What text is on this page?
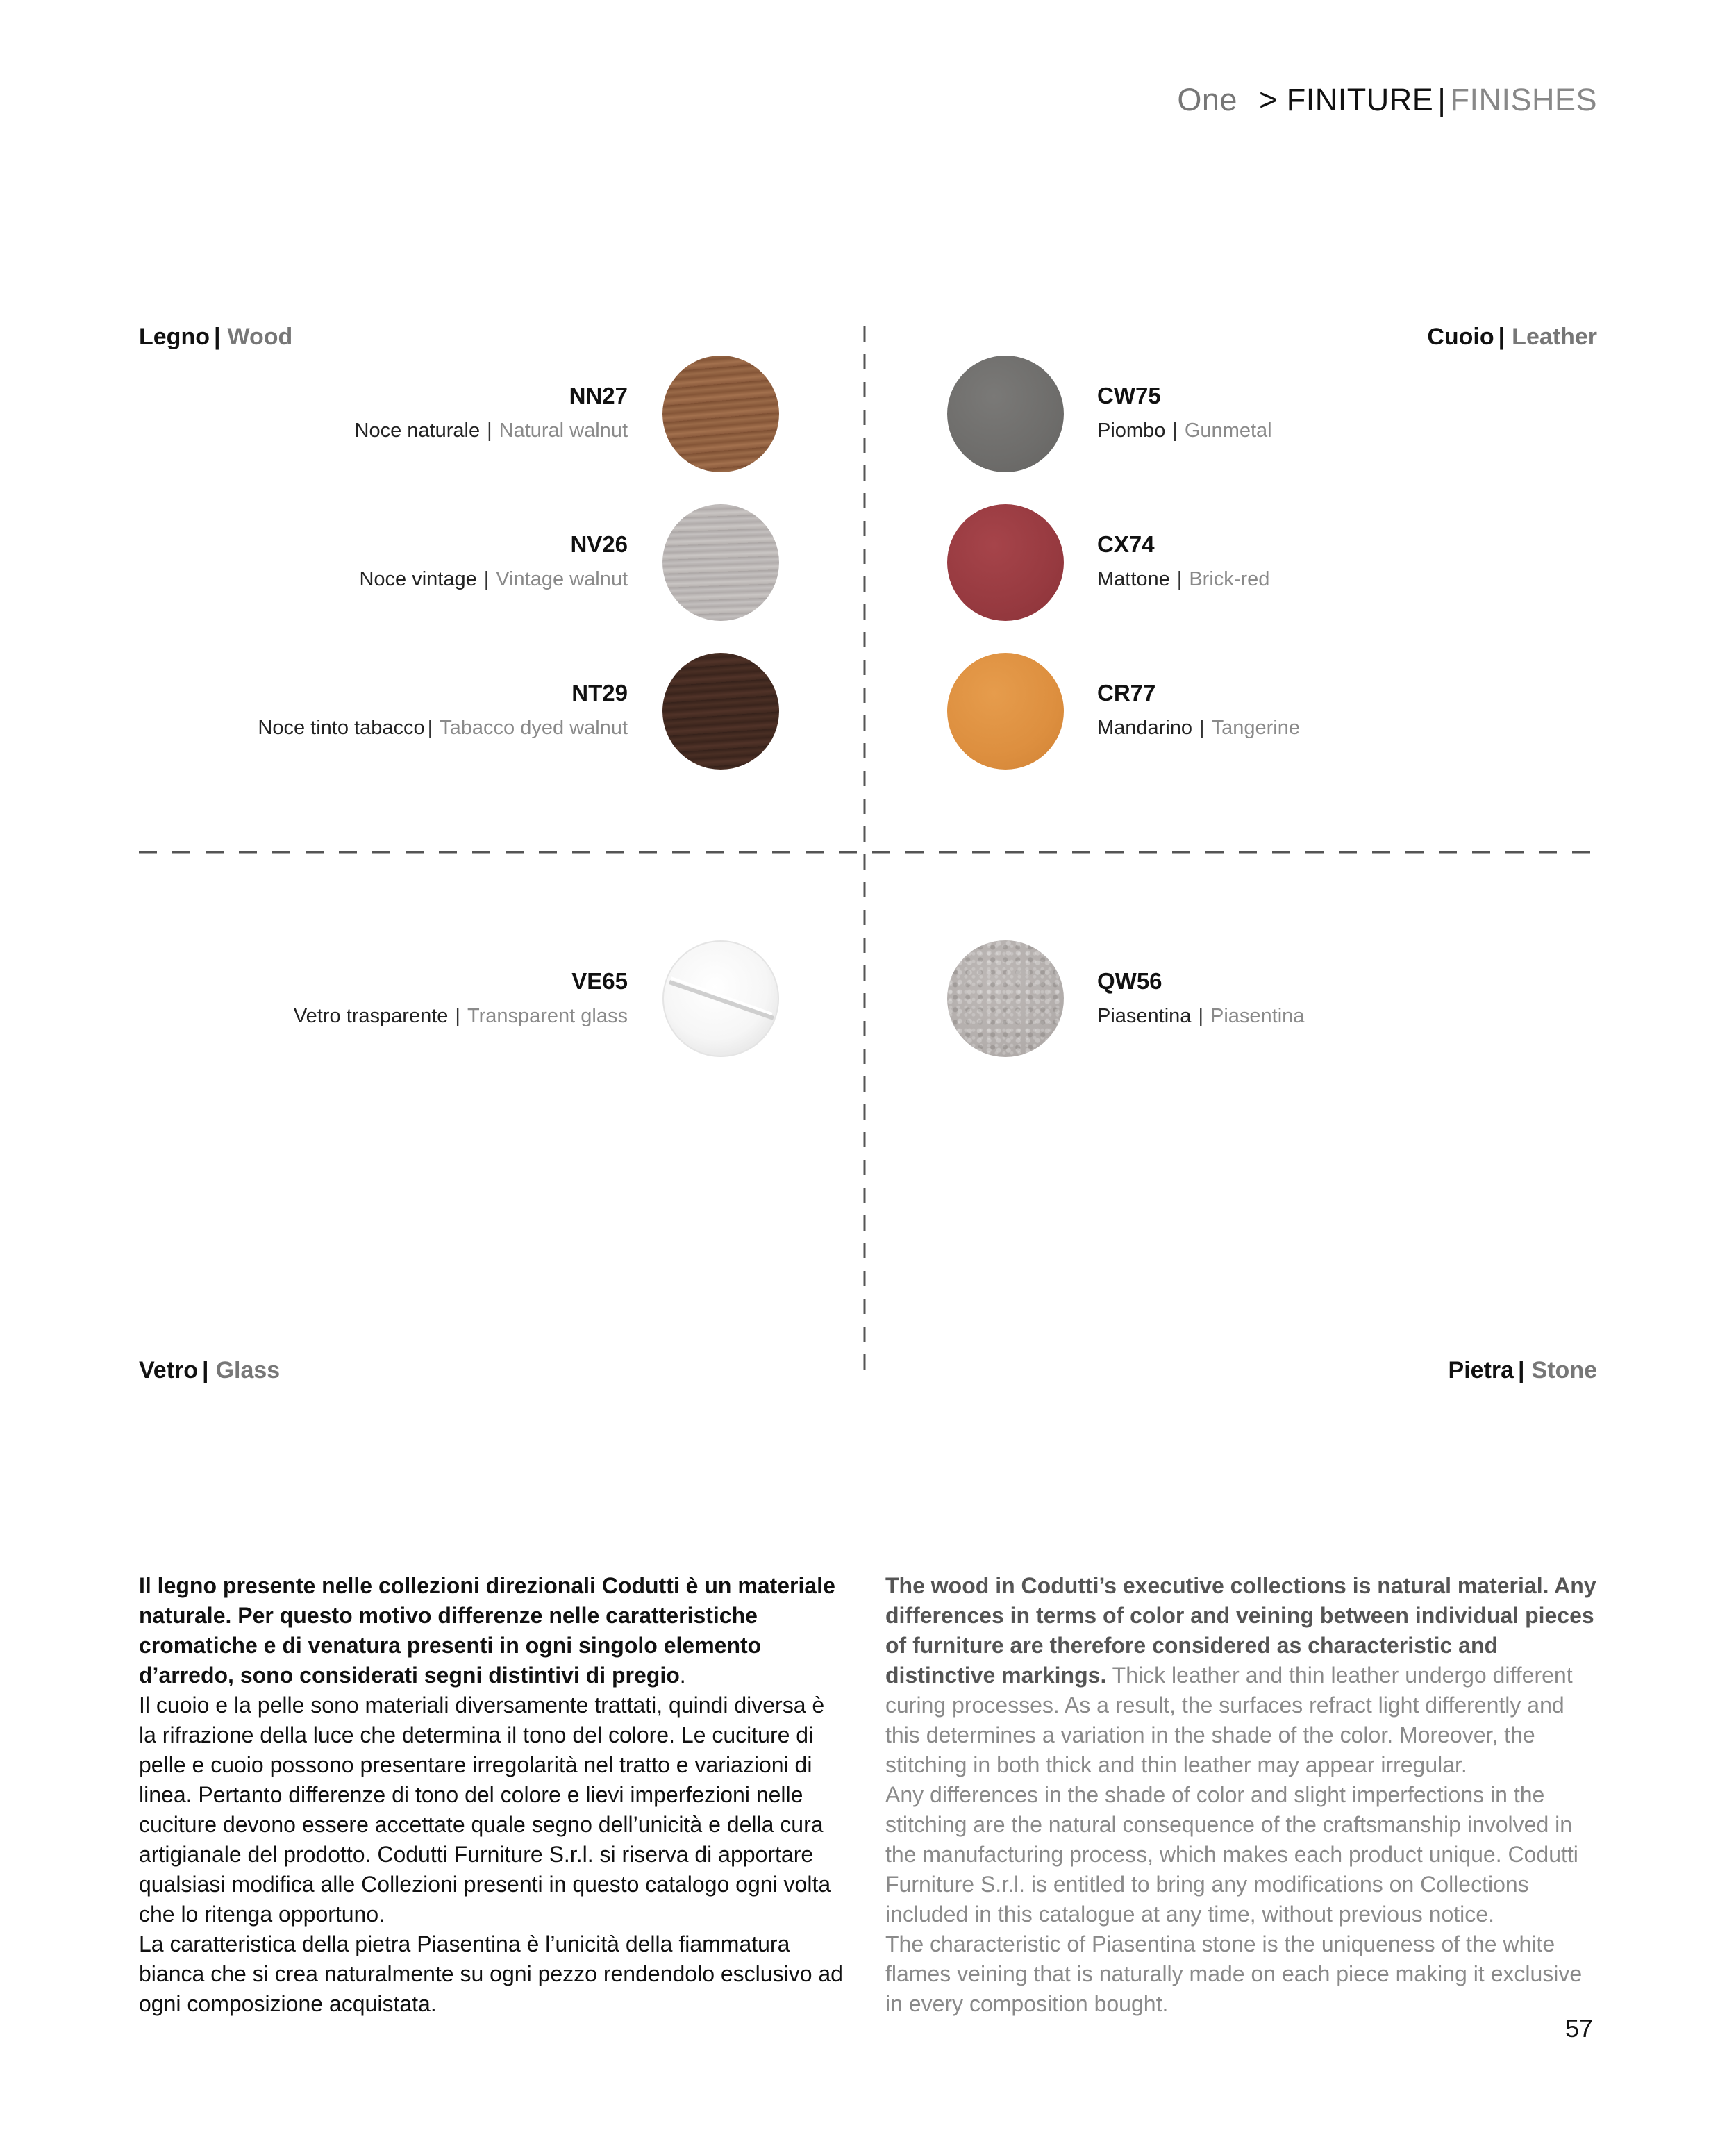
One > FINITURE | FINISHES
Legno | Wood	Cuoio | Leather
Vetro | Glass	Pietra | Stone
NN27
Noce naturale | Natural walnut
NV26
Noce vintage | Vintage walnut
NT29
Noce tinto tabacco | Tabacco dyed walnut
CW75
Piombo | Gunmetal
CX74
Mattone | Brick-red
CR77
Mandarino | Tangerine
VE65
Vetro trasparente | Transparent glass
QW56
Piasentina | Piasentina

Il legno presente nelle collezioni direzionali Codutti è un materiale naturale. Per questo motivo differenze nelle caratteristiche cromatiche e di venatura presenti in ogni singolo elemento d’arredo, sono considerati segni distintivi di pregio.

Il cuoio e la pelle sono materiali diversamente trattati, quindi diversa è la rifrazione della luce che determina il tono del colore. Le cuciture di pelle e cuoio possono presentare irregolarità nel tratto e variazioni di linea. Pertanto differenze di tono del colore e lievi imperfezioni nelle cuciture devono essere accettate quale segno dell’unicità e della cura artigianale del prodotto. Codutti Furniture S.r.l. si riserva di apportare qualsiasi modifica alle Collezioni presenti in questo catalogo ogni volta che lo ritenga opportuno.

La caratteristica della pietra Piasentina è l’unicità della fiammatura bianca che si crea naturalmente su ogni pezzo rendendolo esclusivo ad ogni composizione acquistata.

The wood in Codutti’s executive collections is natural material. Any differences in terms of color and veining between individual pieces of furniture are therefore considered as characteristic and distinctive markings. Thick leather and thin leather undergo different curing processes. As a result, the surfaces refract light differently and this determines a variation in the shade of the color. Moreover, the stitching in both thick and thin leather may appear irregular.

Any differences in the shade of color and slight imperfections in the stitching are the natural consequence of the craftsmanship involved in the manufacturing process, which makes each product unique. Codutti Furniture S.r.l. is entitled to bring any modifications on Collections included in this catalogue at any time, without previous notice.

The characteristic of Piasentina stone is the uniqueness of the white flames veining that is naturally made on each piece making it exclusive in every composition bought.

57
